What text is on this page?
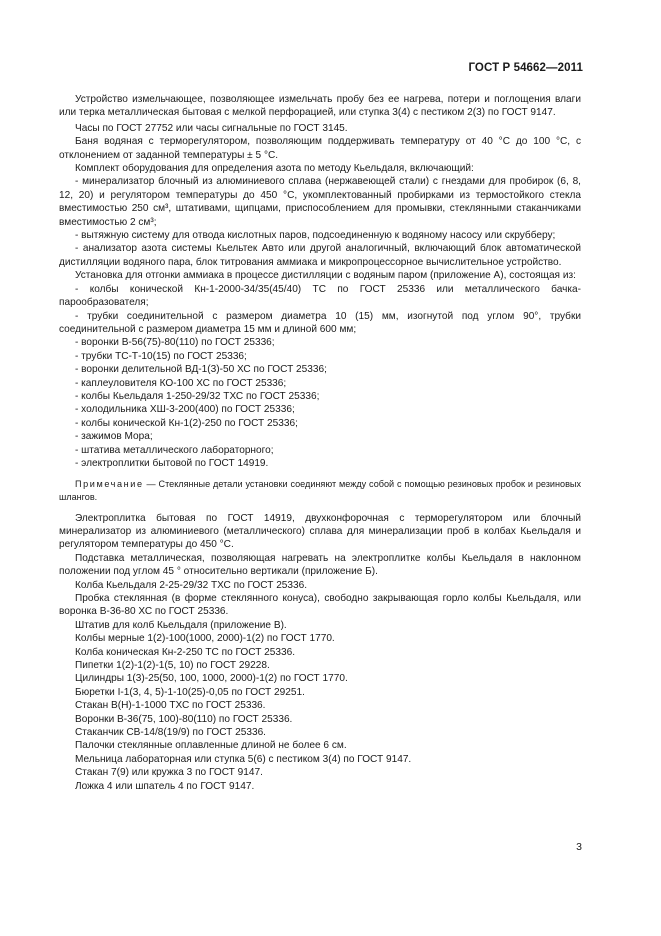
ГОСТ Р 54662—2011

Устройство измельчающее, позволяющее измельчать пробу без ее нагрева, потери и поглощения влаги или терка металлическая бытовая с мелкой перфорацией, или ступка 3(4) с пестиком 2(3) по ГОСТ 9147.

Часы по ГОСТ 27752 или часы сигнальные по ГОСТ 3145.

Баня водяная с терморегулятором, позволяющим поддерживать температуру от 40 °С до 100 °С, с отклонением от заданной температуры ± 5 °С.

Комплект оборудования для определения азота по методу Кьельдаля, включающий:

- минерализатор блочный из алюминиевого сплава (нержавеющей стали) с гнездами для пробирок (6, 8, 12, 20) и регулятором температуры до 450 °С, укомплектованный пробирками из термостойкого стекла вместимостью 250 см³, штативами, щипцами, приспособлением для промывки, стеклянными стаканчиками вместимостью 2 см³;

- вытяжную систему для отвода кислотных паров, подсоединенную к водяному насосу или скрубберу;

- анализатор азота системы Кьельтек Авто или другой аналогичный, включающий блок автоматической дистилляции водяного пара, блок титрования аммиака и микропроцессорное вычислительное устройство.

Установка для отгонки аммиака в процессе дистилляции с водяным паром (приложение А), состоящая из:

- колбы конической Кн-1-2000-34/35(45/40) ТС по ГОСТ 25336 или металлического бачка-парообразователя;

- трубки соединительной с размером диаметра 10 (15) мм, изогнутой под углом 90°, трубки соединительной с размером диаметра 15 мм и длиной 600 мм;

- воронки В-56(75)-80(110) по ГОСТ 25336;

- трубки ТС-Т-10(15) по ГОСТ 25336;

- воронки делительной ВД-1(3)-50 ХС по ГОСТ 25336;

- каплеуловителя КО-100 ХС по ГОСТ 25336;

- колбы Кьельдаля 1-250-29/32 ТХС по ГОСТ 25336;

- холодильника ХШ-3-200(400) по ГОСТ 25336;

- колбы конической Кн-1(2)-250 по ГОСТ 25336;

- зажимов Мора;

- штатива металлического лабораторного;

- электроплитки бытовой по ГОСТ 14919.

Примечание — Стеклянные детали установки соединяют между собой с помощью резиновых пробок и резиновых шлангов.

Электроплитка бытовая по ГОСТ 14919, двухконфорочная с терморегулятором или блочный минерализатор из алюминиевого (металлического) сплава для минерализации проб в колбах Кьельдаля и регулятором температуры до 450 °С.

Подставка металлическая, позволяющая нагревать на электроплитке колбы Кьельдаля в наклонном положении под углом 45 ° относительно вертикали (приложение Б).

Колба Кьельдаля 2-25-29/32 ТХС по ГОСТ 25336.

Пробка стеклянная (в форме стеклянного конуса), свободно закрывающая горло колбы Кьельдаля, или воронка В-36-80 ХС по ГОСТ 25336.

Штатив для колб Кьельдаля (приложение В).

Колбы мерные 1(2)-100(1000, 2000)-1(2) по ГОСТ 1770.

Колба коническая Кн-2-250 ТС по ГОСТ 25336.

Пипетки 1(2)-1(2)-1(5, 10) по ГОСТ 29228.

Цилиндры 1(3)-25(50, 100, 1000, 2000)-1(2) по ГОСТ 1770.

Бюретки I-1(3, 4, 5)-1-10(25)-0,05 по ГОСТ 29251.

Стакан В(Н)-1-1000 ТХС по ГОСТ 25336.

Воронки В-36(75, 100)-80(110) по ГОСТ 25336.

Стаканчик СВ-14/8(19/9) по ГОСТ 25336.

Палочки стеклянные оплавленные длиной не более 6 см.

Мельница лабораторная или ступка 5(6) с пестиком 3(4) по ГОСТ 9147.

Стакан 7(9) или кружка 3 по ГОСТ 9147.

Ложка 4 или шпатель 4 по ГОСТ 9147.

3
